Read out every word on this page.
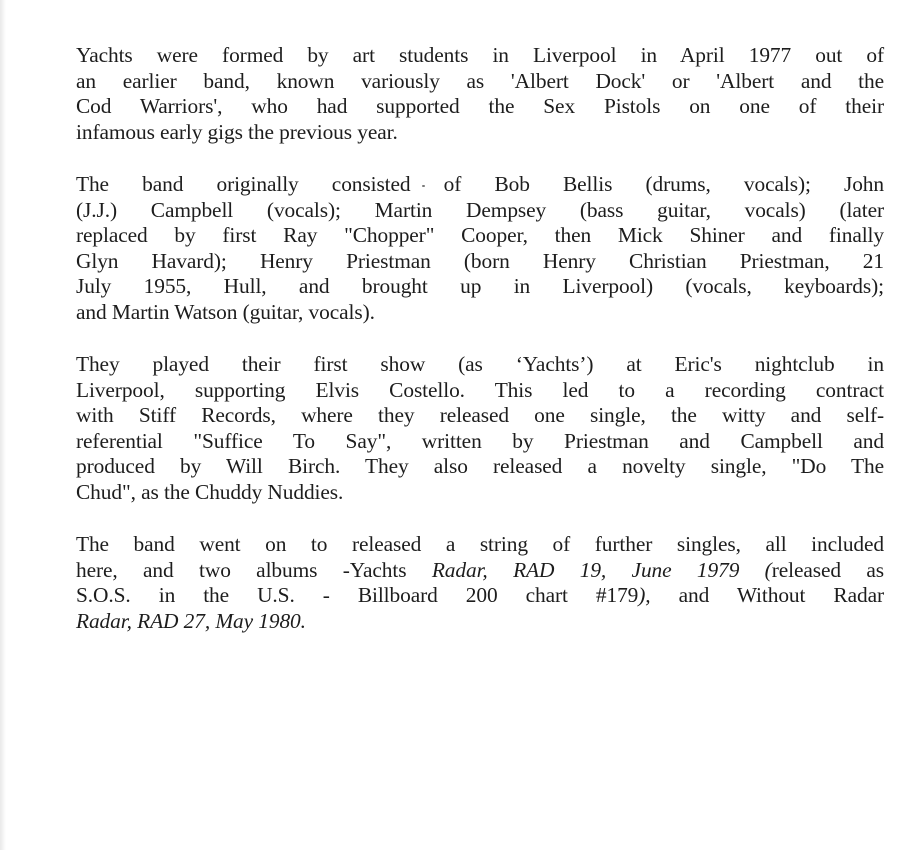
Yachts were formed by art students in Liverpool in April 1977 out of
an earlier band, known variously as 'Albert Dock' or 'Albert and the
Cod Warriors', who had supported the Sex Pistols on one of their
infamous early gigs the previous year.

The band originally consisted of Bob Bellis (drums, vocals); John
(J.J.) Campbell (vocals); Martin Dempsey (bass guitar, vocals) (later
replaced by first Ray "Chopper" Cooper, then Mick Shiner and finally
Glyn Havard); Henry Priestman (born Henry Christian Priestman, 21
July 1955, Hull, and brought up in Liverpool) (vocals, keyboards);
and Martin Watson (guitar, vocals).

They played their first show (as ‘Yachts’) at Eric's nightclub in
Liverpool, supporting Elvis Costello. This led to a recording contract
with Stiff Records, where they released one single, the witty and self-
referential "Suffice To Say", written by Priestman and Campbell and
produced by Will Birch. They also released a novelty single, "Do The
Chud", as the Chuddy Nuddies.

The band went on to released a string of further singles, all included
here, and two albums -Yachts Radar, RAD 19, June 1979 (released as
S.O.S. in the U.S. - Billboard 200 chart #179), and Without Radar
Radar, RAD 27, May 1980.
